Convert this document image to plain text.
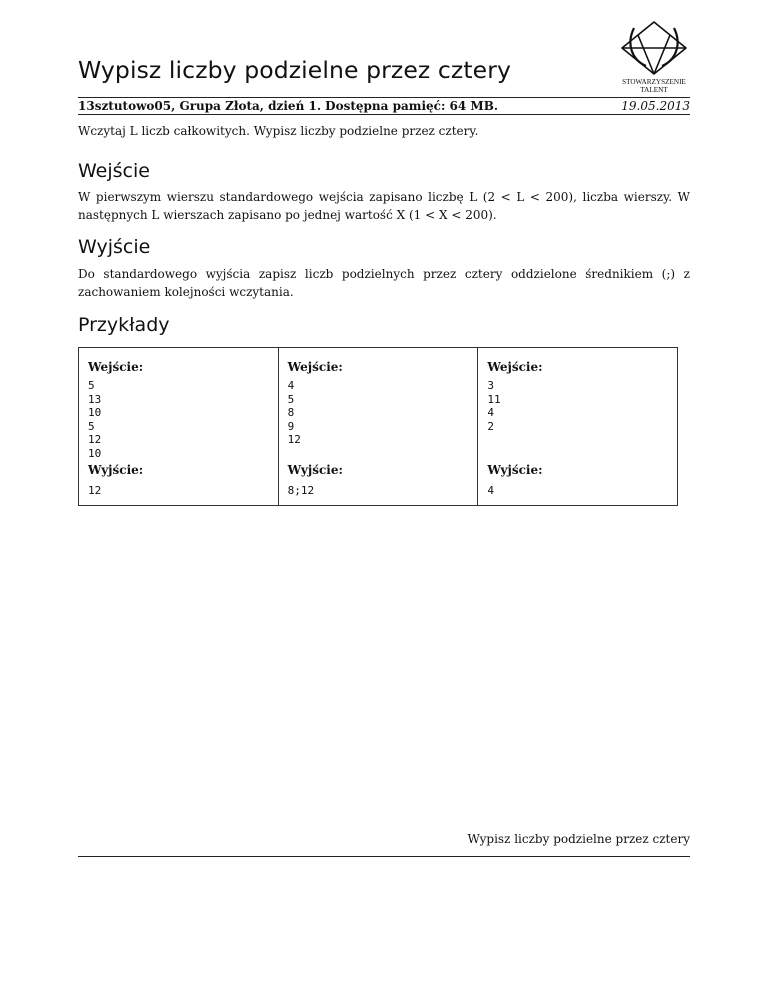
Wypisz liczby podzielne przez cztery	STOWARZYSZENIE
TALENT
13sztutowo05, Grupa Złota, dzień 1. Dostępna pamięć: 64 MB.	19.05.2013

Wczytaj L liczb całkowitych. Wypisz liczby podzielne przez cztery.

Wejście

W pierwszym wierszu standardowego wejścia zapisano liczbę L (2 < L < 200), liczba wierszy. W następnych L wierszach zapisano po jednej wartość X (1 < X < 200).

Wyjście

Do standardowego wyjścia zapisz liczb podzielnych przez cztery oddzielone średnikiem (;) z zachowaniem kolejności wczytania.

Przykłady
Wejście:
5
13
10
5
12
10
Wyjście:
12
Wejście:
4
5
8
9
12
Wyjście:
8;12
Wejście:
3
11
4
2
Wyjście:
4
Wypisz liczby podzielne przez cztery
